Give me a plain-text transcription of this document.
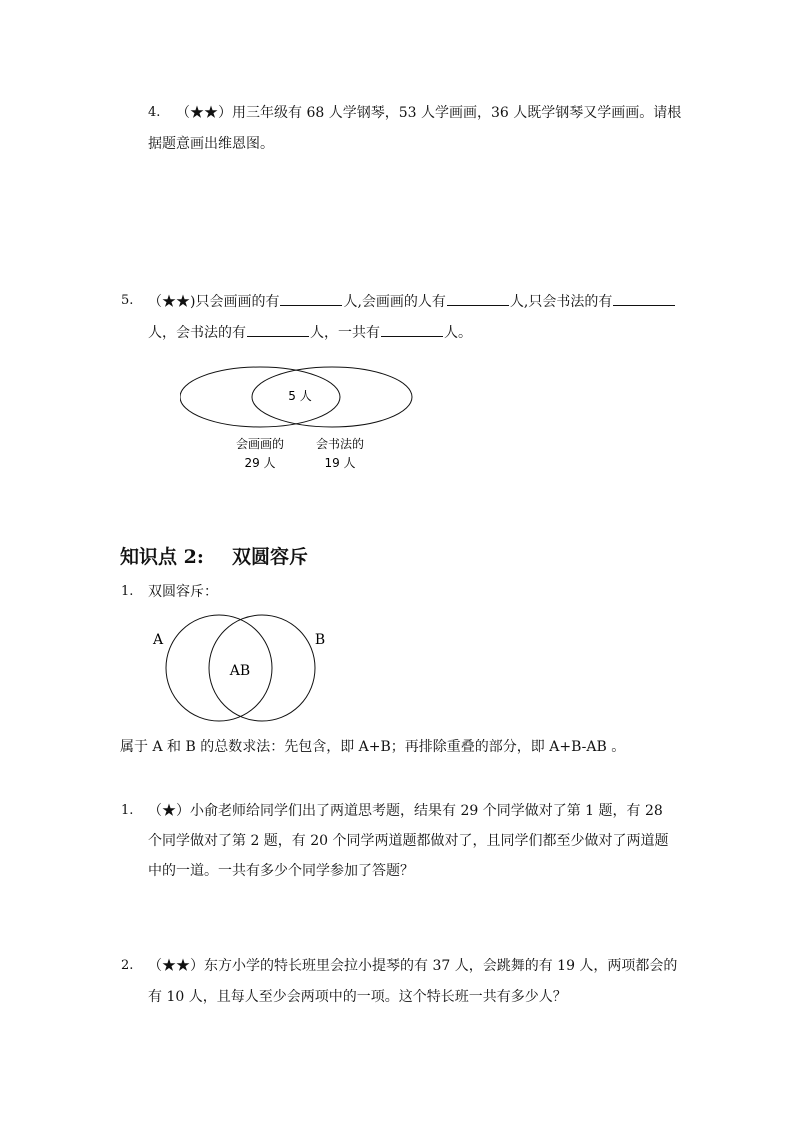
4. （★★）用三年级有 68 人学钢琴，53 人学画画，36 人既学钢琴又学画画。请根
据题意画出维恩图。
5. （★★)只会画画的有	人,会画画的人有	人,只会书法的有
人，会书法的有	人，一共有	人。
5 人
会画画的
29 人
会书法的
19 人
知识点 2: 双圆容斥
1. 双圆容斥：
A	B
AB
属于 A 和 B 的总数求法：先包含，即 A+B；再排除重叠的部分，即 A+B-AB 。
1. （★）小俞老师给同学们出了两道思考题，结果有 29 个同学做对了第 1 题，有 28
个同学做对了第 2 题，有 20 个同学两道题都做对了，且同学们都至少做对了两道题
中的一道。一共有多少个同学参加了答题？
2. （★★）东方小学的特长班里会拉小提琴的有 37 人，会跳舞的有 19 人，两项都会的
有 10 人，且每人至少会两项中的一项。这个特长班一共有多少人？
